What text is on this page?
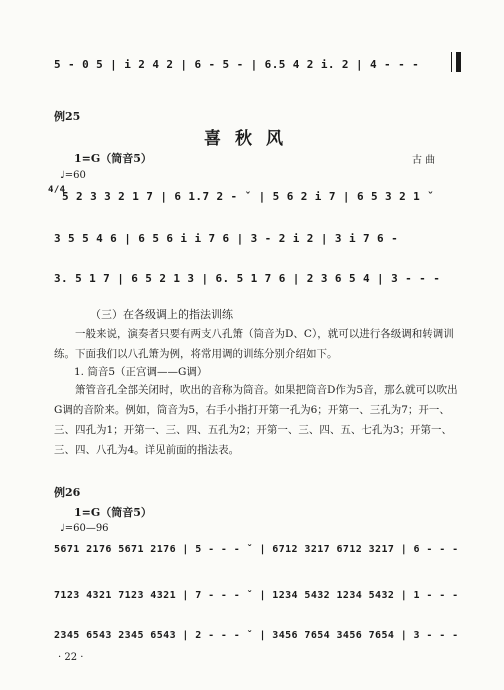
5 - 0 5 | i 2 4 2 | 6 - 5 - | 6.5 4 2 i. 2 | 4 - - -
例25
喜秋风
1=G（筒音5）	古 曲
♩=60
4/4
5 2 3 3 2 1 7 | 6 1.7 2 - ˇ | 5 6 2 i 7 | 6 5 3 2 1 ˇ
3 5 5 4 6 | 6 5 6 i i 7 6 | 3 - 2 i 2 | 3 i 7 6 -
3. 5 1 7 | 6 5 2 1 3 | 6. 5 1 7 6 | 2 3 6 5 4 | 3 - - -
（三）在各级调上的指法训练
一般来说，演奏者只要有两支八孔箫（筒音为D、C），就可以进行各级调和转调训练。下面我们以八孔箫为例，将常用调的训练分别介绍如下。
1. 筒音5（正宫调——G调）
箫管音孔全部关闭时，吹出的音称为筒音。如果把筒音D作为5音，那么就可以吹出G调的音阶来。例如，筒音为5，右手小指打开第一孔为6；开第一、三孔为7；开一、三、四孔为1；开第一、三、四、五孔为2；开第一、三、四、五、七孔为3；开第一、三、四、八孔为4。详见前面的指法表。
例26
1=G（筒音5）
♩=60—96
5671 2176 5671 2176 | 5 - - - ˇ | 6712 3217 6712 3217 | 6 - - -
7123 4321 7123 4321 | 7 - - - ˇ | 1234 5432 1234 5432 | 1 - - -
2345 6543 2345 6543 | 2 - - - ˇ | 3456 7654 3456 7654 | 3 - - -
· 22 ·
